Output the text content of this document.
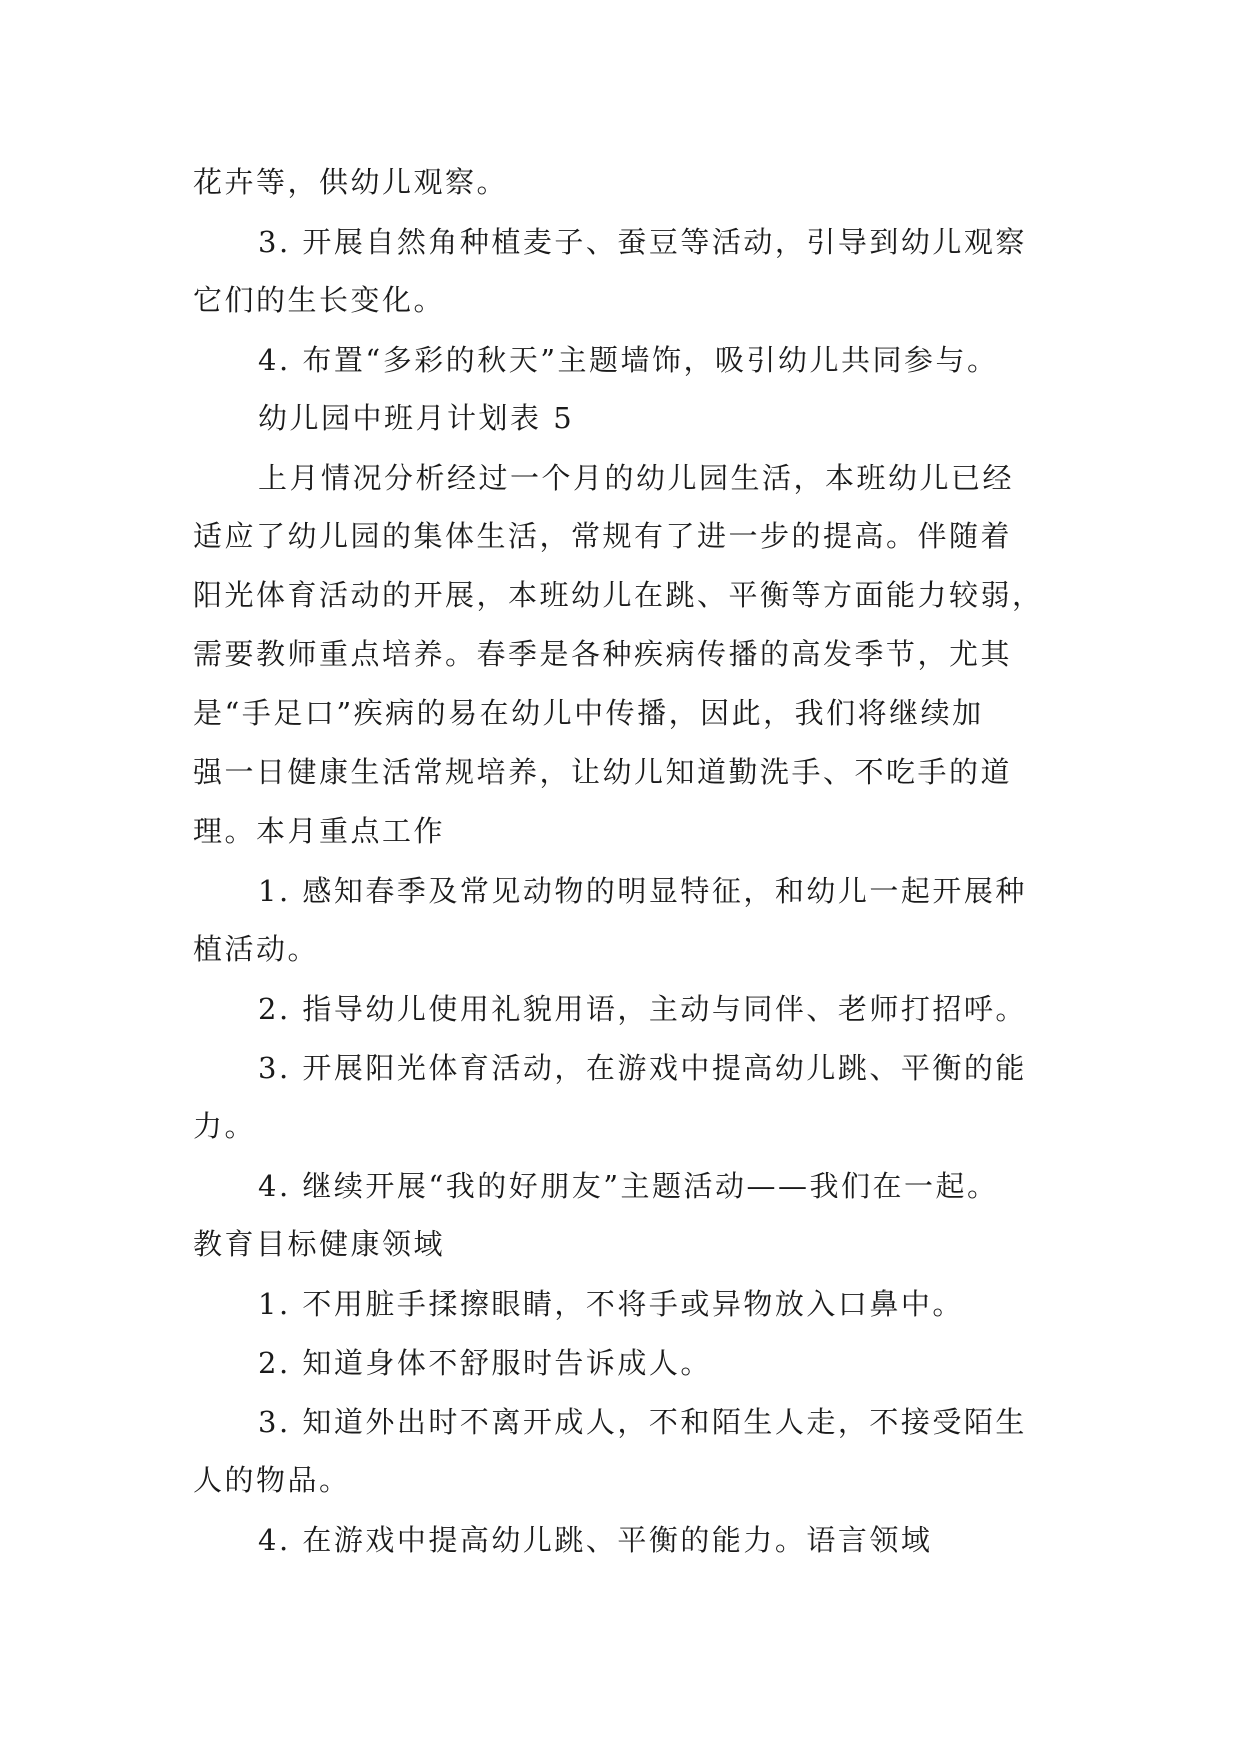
花卉等，供幼儿观察。
3. 开展自然角种植麦子、蚕豆等活动，引导到幼儿观察
它们的生长变化。
4. 布置“多彩的秋天”主题墙饰，吸引幼儿共同参与。
幼儿园中班月计划表 5
上月情况分析经过一个月的幼儿园生活，本班幼儿已经
适应了幼儿园的集体生活，常规有了进一步的提高。伴随着
阳光体育活动的开展，本班幼儿在跳、平衡等方面能力较弱，
需要教师重点培养。春季是各种疾病传播的高发季节，尤其
是“手足口”疾病的易在幼儿中传播，因此，我们将继续加
强一日健康生活常规培养，让幼儿知道勤洗手、不吃手的道
理。本月重点工作
1. 感知春季及常见动物的明显特征，和幼儿一起开展种
植活动。
2. 指导幼儿使用礼貌用语，主动与同伴、老师打招呼。
3. 开展阳光体育活动，在游戏中提高幼儿跳、平衡的能
力。
4. 继续开展“我的好朋友”主题活动——我们在一起。
教育目标健康领域
1. 不用脏手揉擦眼睛，不将手或异物放入口鼻中。
2. 知道身体不舒服时告诉成人。
3. 知道外出时不离开成人，不和陌生人走，不接受陌生
人的物品。
4. 在游戏中提高幼儿跳、平衡的能力。语言领域
